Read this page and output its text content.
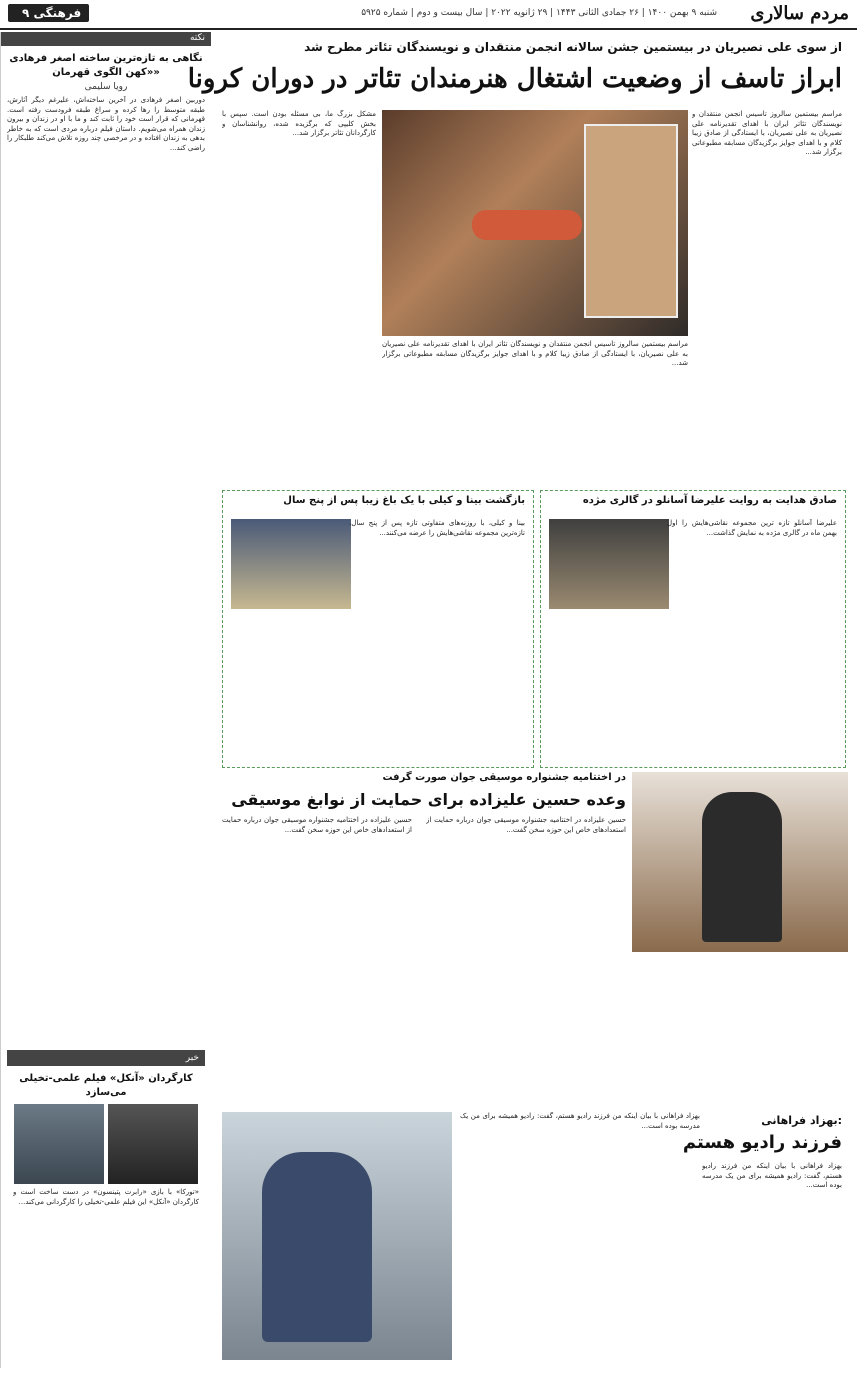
مردم سالاری
شنبه ۹ بهمن ۱۴۰۰ | ۲۶ جمادی الثانی ۱۴۴۳ | ۲۹ ژانویه ۲۰۲۲ | سال بیست و دوم | شماره ۵۹۲۵
فرهنگی ۹
نکته
نگاهی به تازه‌ترین ساخته اصغر فرهادی «کهن الگوی قهرمان»
رویا سلیمی
دوربین اصغر فرهادی در آخرین ساخته‌اش، علیرغم دیگر آثارش، طبقه متوسط را رها کرده و سراغ طبقه فرودست رفته است. قهرمانی که قرار است خود را ثابت کند و ما با او در زندان و بیرون زندان همراه می‌شویم. داستان فیلم درباره مردی است که به خاطر بدهی به زندان افتاده و در مرخصی چند روزه تلاش می‌کند طلبکار را راضی کند...
خبر
کارگردان «آنکل» فیلم علمی-تخیلی می‌سازد
«تورکا» با بازی «رابرت پتینسون» در دست ساخت است و کارگردان «آنکل» این فیلم علمی-تخیلی را کارگردانی می‌کند...
از سوی علی نصیریان در بیستمین جشن سالانه انجمن منتقدان و نویسندگان تئاتر مطرح شد
ابراز تاسف از وضعیت اشتغال هنرمندان تئاتر در دوران کرونا
مراسم بیستمین سالروز تاسیس انجمن منتقدان و نویسندگان تئاتر ایران با اهدای تقدیرنامه علی نصیریان به علی نصیریان، با ایستادگی از صادق زیبا کلام و با اهدای جوایز برگزیدگان مسابقه مطبوعاتی برگزار شد...
مراسم بیستمین سالروز تاسیس انجمن منتقدان و نویسندگان تئاتر ایران با اهدای تقدیرنامه علی نصیریان به علی نصیریان، با ایستادگی از صادق زیبا کلام و با اهدای جوایز برگزیدگان مسابقه مطبوعاتی برگزار شد...
مشکل بزرگ ما، بی مسئله بودن است. سپس با بخش کلیپی که برگزیده شده، روانشناسان و کارگردانان تئاتر برگزار شد...
بازگشت بینا و کیلی با یک باغ زیبا پس از پنج سال
بینا و کیلی، با روزنه‌های متفاوتی تازه پس از پنج سال، تازه‌ترین مجموعه نقاشی‌هایش را عرضه می‌کنند...
صادق هدایت به روایت علیرضا آسانلو در گالری مژده
علیرضا آسانلو تازه ترین مجموعه نقاشی‌هایش را اول بهمن ماه در گالری مژده به نمایش گذاشت...
در اختتامیه جشنواره موسیقی جوان صورت گرفت
وعده حسین علیزاده برای حمایت از نوابغ موسیقی
حسین علیزاده در اختتامیه جشنواره موسیقی جوان درباره حمایت از استعدادهای خاص این حوزه سخن گفت...
حسین علیزاده در اختتامیه جشنواره موسیقی جوان درباره حمایت از استعدادهای خاص این حوزه سخن گفت...
بهزاد فراهانی با بیان اینکه من فرزند رادیو هستم، گفت: رادیو همیشه برای من یک مدرسه بوده است...	بهزاد فراهانی:
فرزند رادیو هستم
بهزاد فراهانی با بیان اینکه من فرزند رادیو هستم، گفت: رادیو همیشه برای من یک مدرسه بوده است...
